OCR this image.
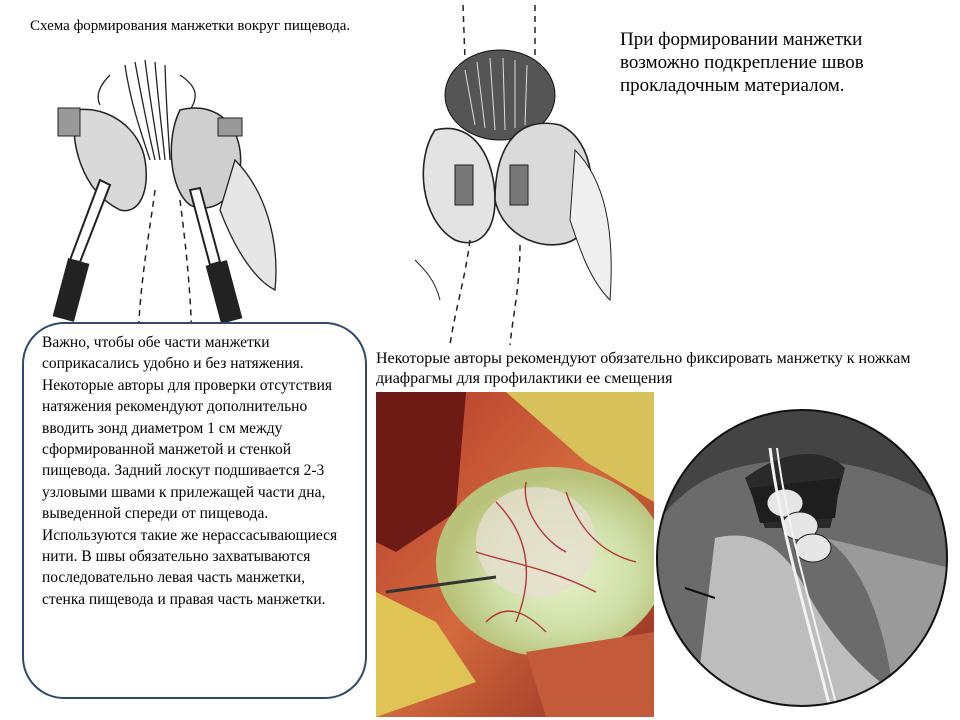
Схема формирования манжетки вокруг пищевода.
При формировании манжетки возможно подкрепление швов прокладочным материалом.
Некоторые авторы рекомендуют обязательно фиксировать манжетку к ножкам диафрагмы для профилактики ее смещения
Важно, чтобы обе части манжетки соприкасались удобно и без натяжения. Некоторые авторы для проверки отсутствия натяжения рекомендуют дополнительно вводить зонд диаметром 1 см между сформированной манжетой и стенкой пищевода. Задний лоскут подшивается 2-3 узловыми швами к прилежащей части дна, выведенной спереди от пищевода. Используются такие же нерассасывающиеся нити. В швы обязательно захватываются последовательно левая часть манжетки, стенка пищевода и правая часть манжетки.
